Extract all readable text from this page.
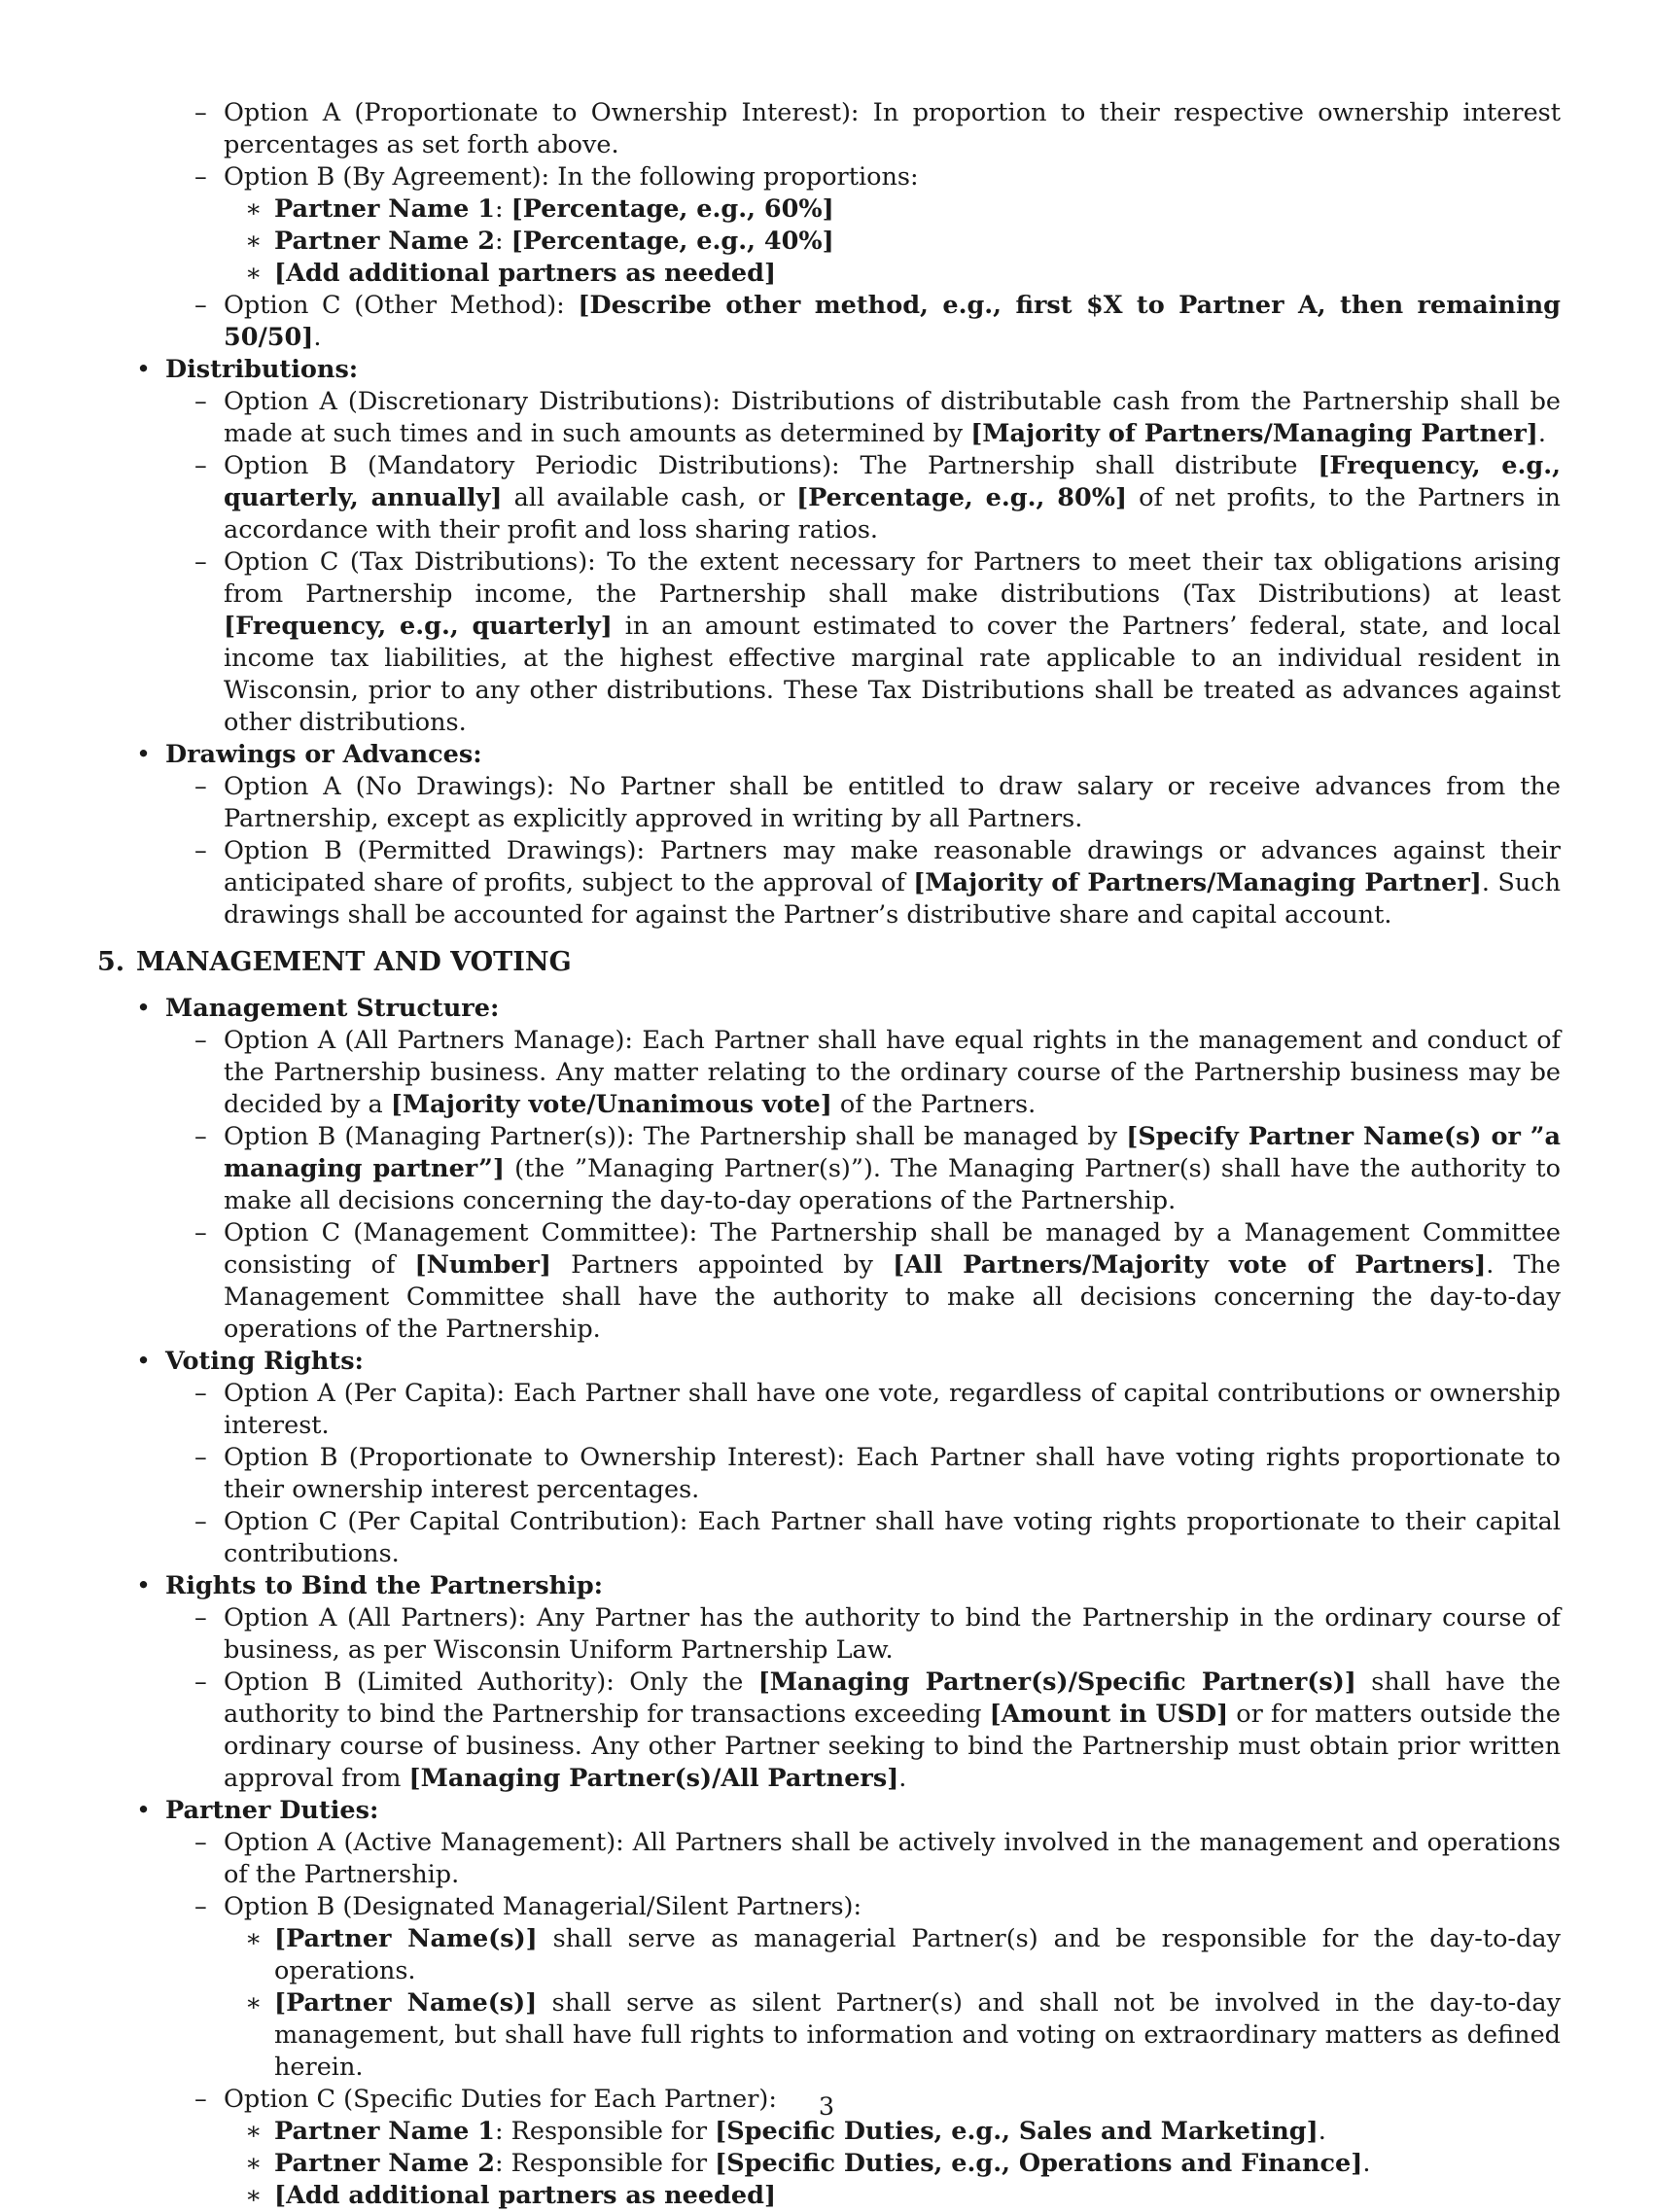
– Option A (Proportionate to Ownership Interest): In proportion to their respective ownership interest percentages as set forth above.
– Option B (By Agreement): In the following proportions:
∗ Partner Name 1: [Percentage, e.g., 60%]
∗ Partner Name 2: [Percentage, e.g., 40%]
∗ [Add additional partners as needed]
– Option C (Other Method): [Describe other method, e.g., first $X to Partner A, then remaining 50/50].
• Distributions:
– Option A (Discretionary Distributions): Distributions of distributable cash from the Partnership shall be made at such times and in such amounts as determined by [Majority of Partners/Managing Partner].
– Option B (Mandatory Periodic Distributions): The Partnership shall distribute [Frequency, e.g., quarterly, annually] all available cash, or [Percentage, e.g., 80%] of net profits, to the Partners in accordance with their profit and loss sharing ratios.
– Option C (Tax Distributions): To the extent necessary for Partners to meet their tax obligations arising from Partnership income, the Partnership shall make distributions (Tax Distributions) at least [Frequency, e.g., quarterly] in an amount estimated to cover the Partners’ federal, state, and local income tax liabilities, at the highest effective marginal rate applicable to an individual resident in Wisconsin, prior to any other distributions. These Tax Distributions shall be treated as advances against other distributions.
• Drawings or Advances:
– Option A (No Drawings): No Partner shall be entitled to draw salary or receive advances from the Partnership, except as explicitly approved in writing by all Partners.
– Option B (Permitted Drawings): Partners may make reasonable drawings or advances against their anticipated share of profits, subject to the approval of [Majority of Partners/Managing Partner]. Such drawings shall be accounted for against the Partner’s distributive share and capital account.
5. MANAGEMENT AND VOTING
• Management Structure:
– Option A (All Partners Manage): Each Partner shall have equal rights in the management and conduct of the Partnership business. Any matter relating to the ordinary course of the Partnership business may be decided by a [Majority vote/Unanimous vote] of the Partners.
– Option B (Managing Partner(s)): The Partnership shall be managed by [Specify Partner Name(s) or ”a managing partner”] (the ”Managing Partner(s)”). The Managing Partner(s) shall have the authority to make all decisions concerning the day-to-day operations of the Partnership.
– Option C (Management Committee): The Partnership shall be managed by a Management Committee consisting of [Number] Partners appointed by [All Partners/Majority vote of Partners]. The Management Committee shall have the authority to make all decisions concerning the day-to-day operations of the Partnership.
• Voting Rights:
– Option A (Per Capita): Each Partner shall have one vote, regardless of capital contributions or ownership interest.
– Option B (Proportionate to Ownership Interest): Each Partner shall have voting rights proportionate to their ownership interest percentages.
– Option C (Per Capital Contribution): Each Partner shall have voting rights proportionate to their capital contributions.
• Rights to Bind the Partnership:
– Option A (All Partners): Any Partner has the authority to bind the Partnership in the ordinary course of business, as per Wisconsin Uniform Partnership Law.
– Option B (Limited Authority): Only the [Managing Partner(s)/Specific Partner(s)] shall have the authority to bind the Partnership for transactions exceeding [Amount in USD] or for matters outside the ordinary course of business. Any other Partner seeking to bind the Partnership must obtain prior written approval from [Managing Partner(s)/All Partners].
• Partner Duties:
– Option A (Active Management): All Partners shall be actively involved in the management and operations of the Partnership.
– Option B (Designated Managerial/Silent Partners):
∗ [Partner Name(s)] shall serve as managerial Partner(s) and be responsible for the day-to-day operations.
∗ [Partner Name(s)] shall serve as silent Partner(s) and shall not be involved in the day-to-day management, but shall have full rights to information and voting on extraordinary matters as defined herein.
– Option C (Specific Duties for Each Partner):
∗ Partner Name 1: Responsible for [Specific Duties, e.g., Sales and Marketing].
∗ Partner Name 2: Responsible for [Specific Duties, e.g., Operations and Finance].
∗ [Add additional partners as needed]
3
